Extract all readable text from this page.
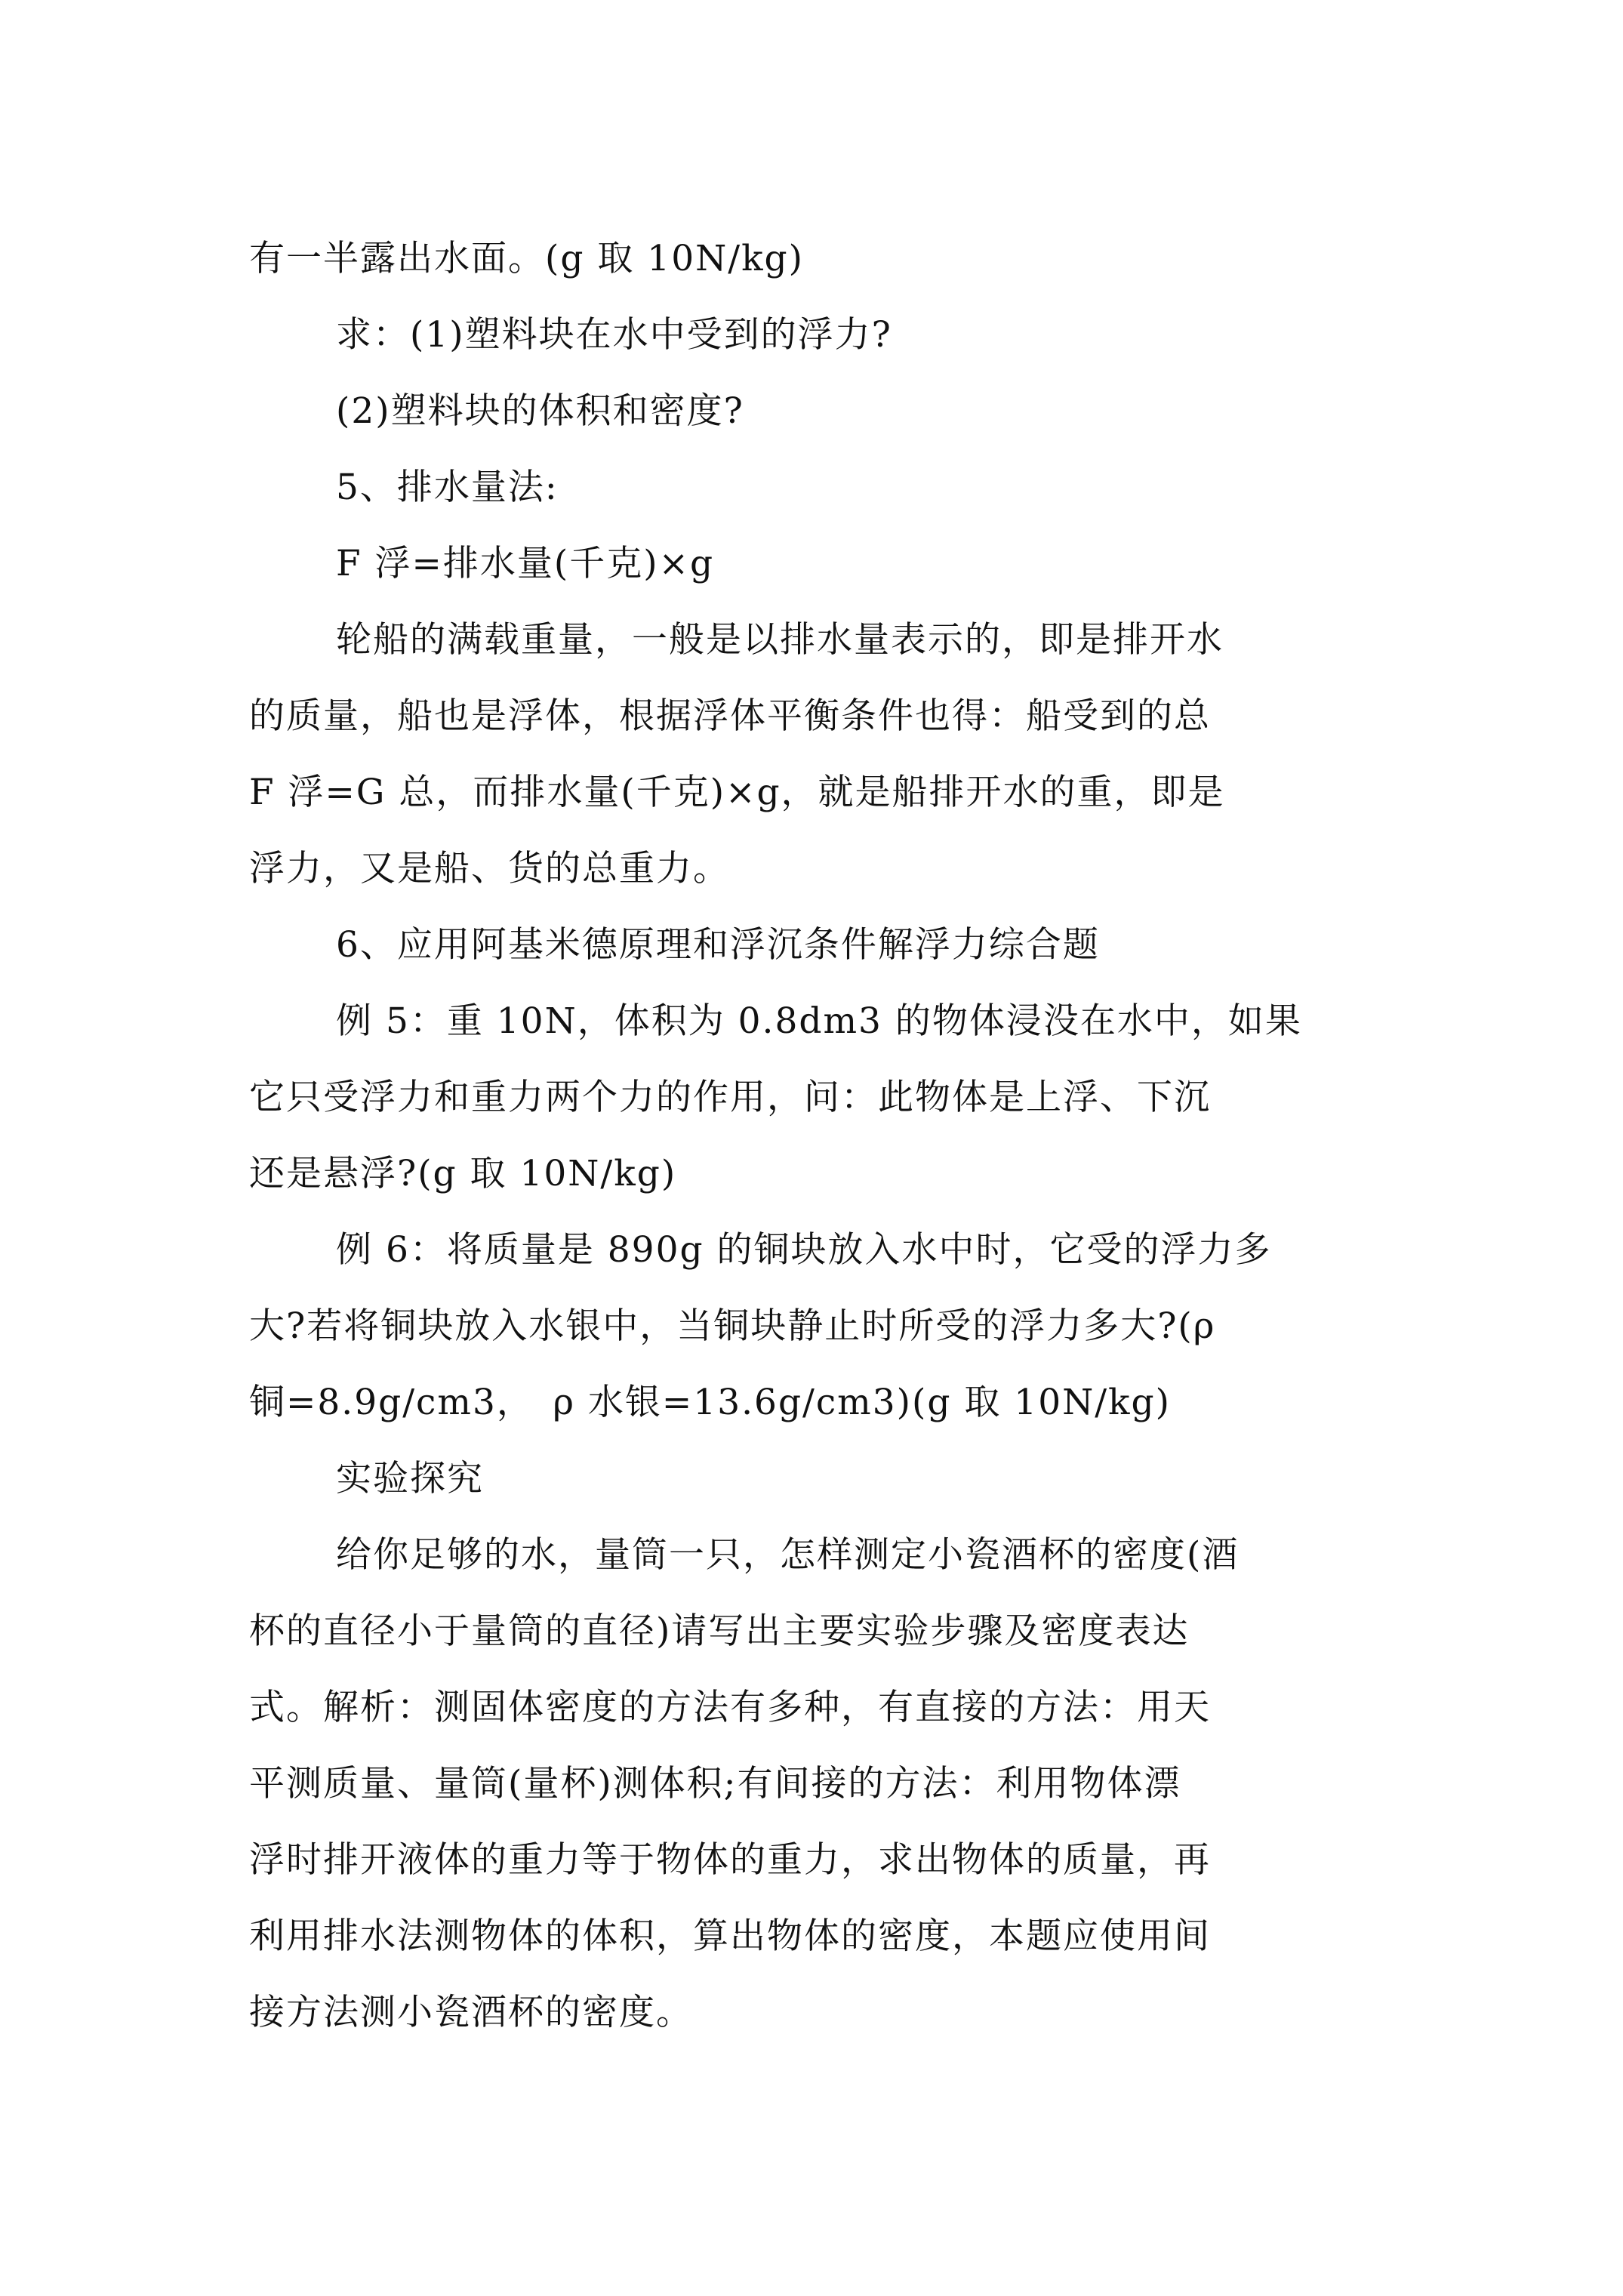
有一半露出水面。(g 取 10N/kg)
求：(1)塑料块在水中受到的浮力?
(2)塑料块的体积和密度?
5、排水量法:
F 浮=排水量(千克)×g
轮船的满载重量，一般是以排水量表示的，即是排开水
的质量，船也是浮体，根据浮体平衡条件也得：船受到的总
F 浮=G 总，而排水量(千克)×g，就是船排开水的重，即是
浮力，又是船、货的总重力。
6、应用阿基米德原理和浮沉条件解浮力综合题
例 5：重 10N，体积为 0.8dm3 的物体浸没在水中，如果
它只受浮力和重力两个力的作用，问：此物体是上浮、下沉
还是悬浮?(g 取 10N/kg)
例 6：将质量是 890g 的铜块放入水中时，它受的浮力多
大?若将铜块放入水银中，当铜块静止时所受的浮力多大?(ρ
铜=8.9g/cm3，　ρ 水银=13.6g/cm3)(g 取 10N/kg)
实验探究
给你足够的水，量筒一只，怎样测定小瓷酒杯的密度(酒
杯的直径小于量筒的直径)请写出主要实验步骤及密度表达
式。解析：测固体密度的方法有多种，有直接的方法：用天
平测质量、量筒(量杯)测体积;有间接的方法：利用物体漂
浮时排开液体的重力等于物体的重力，求出物体的质量，再
利用排水法测物体的体积，算出物体的密度，本题应使用间
接方法测小瓷酒杯的密度。
